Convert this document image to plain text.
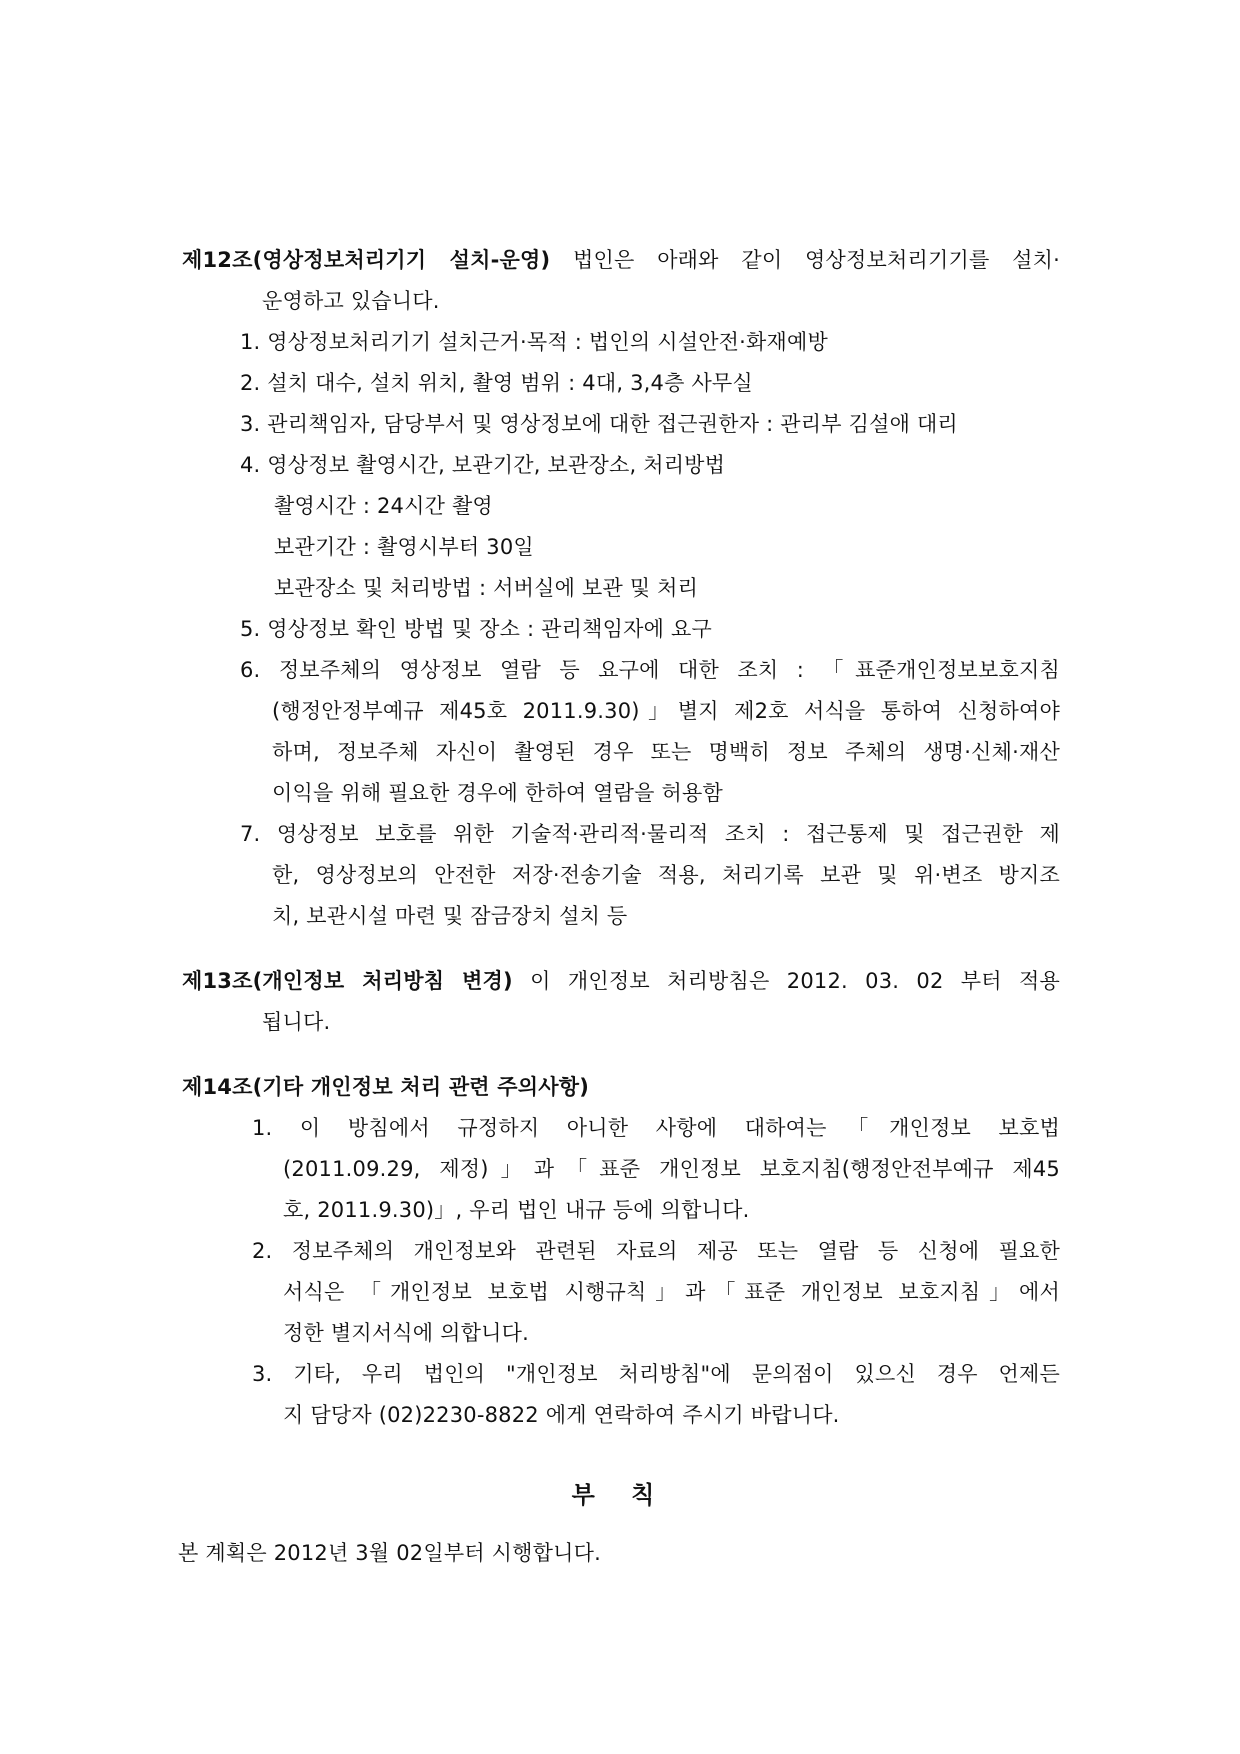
제12조(영상정보처리기기 설치-운영) 법인은 아래와 같이 영상정보처리기기를 설치·
운영하고 있습니다.
1. 영상정보처리기기 설치근거·목적 : 법인의 시설안전·화재예방
2. 설치 대수, 설치 위치, 촬영 범위 : 4대, 3,4층 사무실
3. 관리책임자, 담당부서 및 영상정보에 대한 접근권한자 : 관리부 김설애 대리
4. 영상정보 촬영시간, 보관기간, 보관장소, 처리방법
촬영시간 : 24시간 촬영
보관기간 : 촬영시부터 30일
보관장소 및 처리방법 : 서버실에 보관 및 처리
5. 영상정보 확인 방법 및 장소 : 관리책임자에 요구
6. 정보주체의 영상정보 열람 등 요구에 대한 조치 : 「표준개인정보보호지침
(행정안정부예규 제45호 2011.9.30)」별지 제2호 서식을 통하여 신청하여야
하며, 정보주체 자신이 촬영된 경우 또는 명백히 정보 주체의 생명·신체·재산
이익을 위해 필요한 경우에 한하여 열람을 허용함
7. 영상정보 보호를 위한 기술적·관리적·물리적 조치 : 접근통제 및 접근권한 제
한, 영상정보의 안전한 저장·전송기술 적용, 처리기록 보관 및 위·변조 방지조
치, 보관시설 마련 및 잠금장치 설치 등
제13조(개인정보 처리방침 변경) 이 개인정보 처리방침은 2012. 03. 02 부터 적용
됩니다.
제14조(기타 개인정보 처리 관련 주의사항)
1. 이 방침에서 규정하지 아니한 사항에 대하여는「개인정보 보호법
(2011.09.29, 제정)」과「표준 개인정보 보호지침(행정안전부예규 제45
호, 2011.9.30)」, 우리 법인 내규 등에 의합니다.
2. 정보주체의 개인정보와 관련된 자료의 제공 또는 열람 등 신청에 필요한
서식은 「개인정보 보호법 시행규칙」과「표준 개인정보 보호지침」에서
정한 별지서식에 의합니다.
3. 기타, 우리 법인의 "개인정보 처리방침"에 문의점이 있으신 경우 언제든
지 담당자 (02)2230-8822 에게 연락하여 주시기 바랍니다.
부 칙
본 계획은 2012년 3월 02일부터 시행합니다.
